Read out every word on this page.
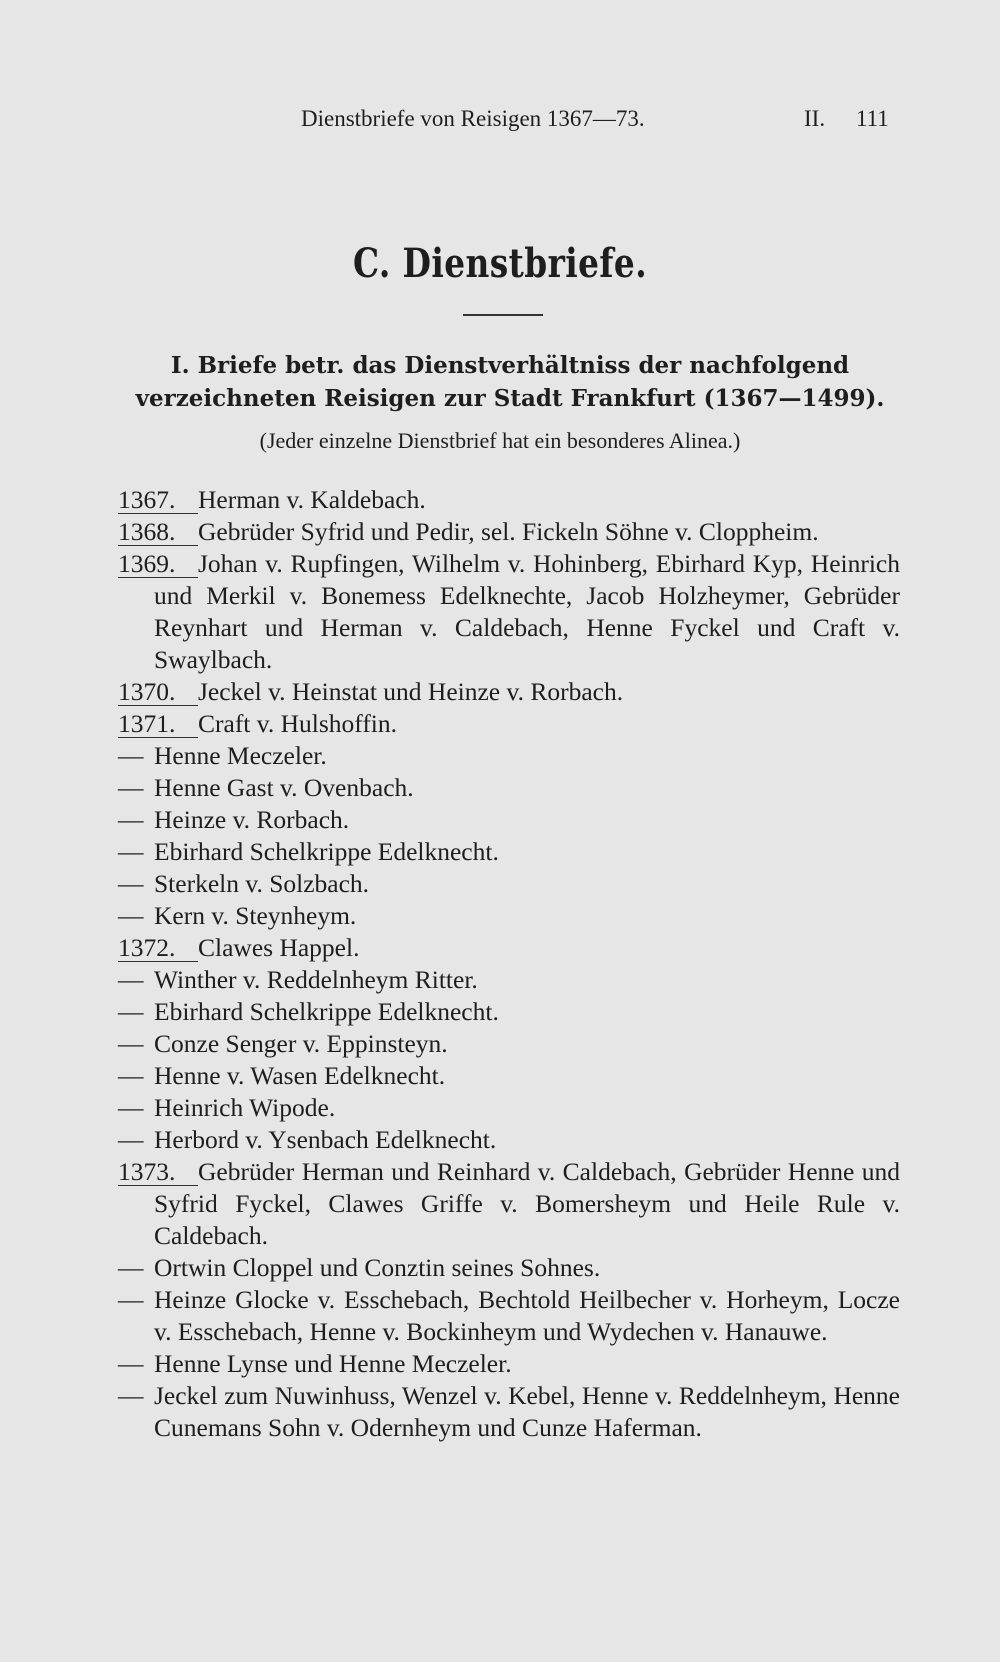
Dienstbriefe von Reisigen 1367—73.	II. 111
C. Dienstbriefe.
I. Briefe betr. das Dienstverhältniss der nachfolgend verzeichneten Reisigen zur Stadt Frankfurt (1367—1499).
(Jeder einzelne Dienstbrief hat ein besonderes Alinea.)
1367. Herman v. Kaldebach.
1368. Gebrüder Syfrid und Pedir, sel. Fickeln Söhne v. Cloppheim.
1369. Johan v. Rupfingen, Wilhelm v. Hohinberg, Ebirhard Kyp, Heinrich und Merkil v. Bonemess Edelknechte, Jacob Holzheymer, Gebrüder Reynhart und Herman v. Caldebach, Henne Fyckel und Craft v. Swaylbach.
1370. Jeckel v. Heinstat und Heinze v. Rorbach.
1371. Craft v. Hulshoffin.
— Henne Meczeler.
— Henne Gast v. Ovenbach.
— Heinze v. Rorbach.
— Ebirhard Schelkrippe Edelknecht.
— Sterkeln v. Solzbach.
— Kern v. Steynheym.
1372. Clawes Happel.
— Winther v. Reddelnheym Ritter.
— Ebirhard Schelkrippe Edelknecht.
— Conze Senger v. Eppinsteyn.
— Henne v. Wasen Edelknecht.
— Heinrich Wipode.
— Herbord v. Ysenbach Edelknecht.
1373. Gebrüder Herman und Reinhard v. Caldebach, Gebrüder Henne und Syfrid Fyckel, Clawes Griffe v. Bomersheym und Heile Rule v. Caldebach.
— Ortwin Cloppel und Conztin seines Sohnes.
— Heinze Glocke v. Esschebach, Bechtold Heilbecher v. Horheym, Locze v. Esschebach, Henne v. Bockinheym und Wydechen v. Hanauwe.
— Henne Lynse und Henne Meczeler.
— Jeckel zum Nuwinhuss, Wenzel v. Kebel, Henne v. Reddelnheym, Henne Cunemans Sohn v. Odernheym und Cunze Haferman.
